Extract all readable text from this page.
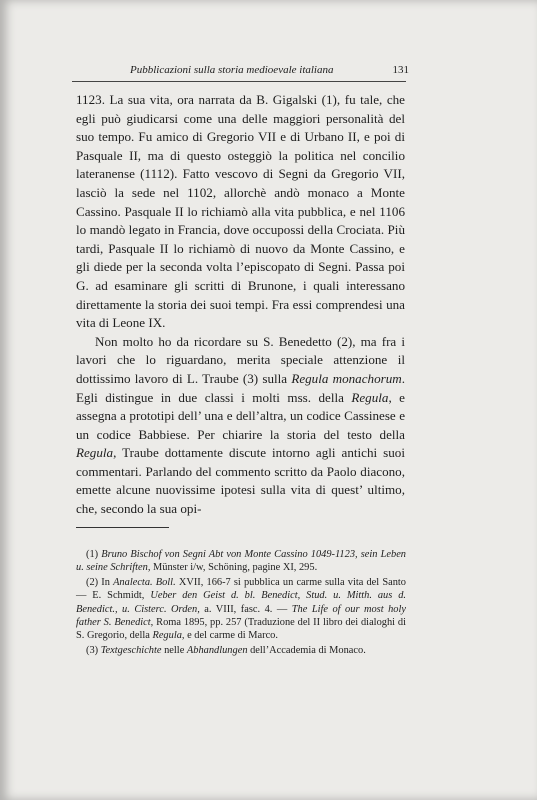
Pubblicazioni sulla storia medioevale italiana	131

1123. La sua vita, ora narrata da B. Gigalski (1), fu tale, che egli può giudicarsi come una delle maggiori personalità del suo tempo. Fu amico di Gregorio VII e di Urbano II, e poi di Pasquale II, ma di questo osteggiò la politica nel concilio lateranense (1112). Fatto vescovo di Segni da Gregorio VII, lasciò la sede nel 1102, allorchè andò monaco a Monte Cassino. Pasquale II lo richiamò alla vita pubblica, e nel 1106 lo mandò legato in Francia, dove occupossi della Crociata. Più tardi, Pasquale II lo richiamò di nuovo da Monte Cassino, e gli diede per la seconda volta l’episcopato di Segni. Passa poi G. ad esaminare gli scritti di Brunone, i quali interessano direttamente la storia dei suoi tempi. Fra essi comprendesi una vita di Leone IX.

Non molto ho da ricordare su S. Benedetto (2), ma fra i lavori che lo riguardano, merita speciale attenzione il dottissimo lavoro di L. Traube (3) sulla Regula monachorum. Egli distingue in due classi i molti mss. della Regula, e assegna a prototipi dell’ una e dell’altra, un codice Cassinese e un codice Babbiese. Per chiarire la storia del testo della Regula, Traube dottamente discute intorno agli antichi suoi commentari. Parlando del commento scritto da Paolo diacono, emette alcune nuovissime ipotesi sulla vita di quest’ ultimo, che, secondo la sua opi-

(1) Bruno Bischof von Segni Abt von Monte Cassino 1049-1123, sein Leben u. seine Schriften, Münster i/w, Schöning, pagine XI, 295.

(2) In Analecta. Boll. XVII, 166-7 si pubblica un carme sulla vita del Santo — E. Schmidt, Ueber den Geist d. bl. Benedict, Stud. u. Mitth. aus d. Benedict., u. Cisterc. Orden, a. VIII, fasc. 4. — The Life of our most holy father S. Benedict, Roma 1895, pp. 257 (Traduzione del II libro dei dialoghi di S. Gregorio, della Regula, e del carme di Marco.

(3) Textgeschichte nelle Abhandlungen dell’Accademia di Monaco.
